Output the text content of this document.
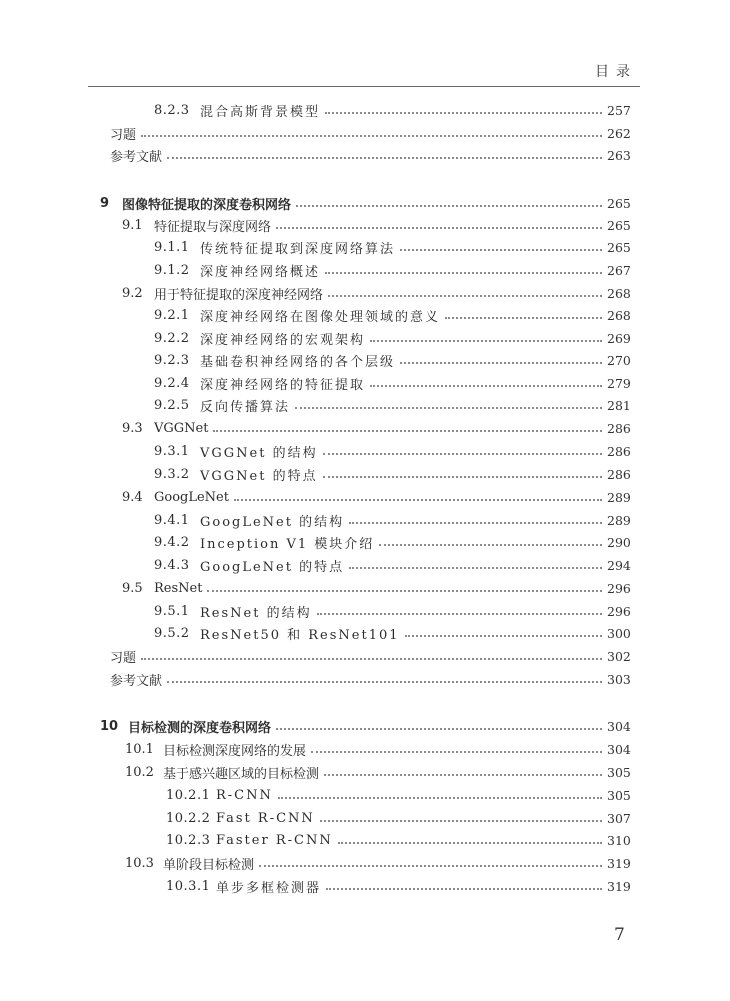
目录
8.2.3 混合高斯背景模型	257
习题	262
参考文献	263
9 图像特征提取的深度卷积网络	265
9.1 特征提取与深度网络	265
9.1.1 传统特征提取到深度网络算法	265
9.1.2 深度神经网络概述	267
9.2 用于特征提取的深度神经网络	268
9.2.1 深度神经网络在图像处理领域的意义	268
9.2.2 深度神经网络的宏观架构	269
9.2.3 基础卷积神经网络的各个层级	270
9.2.4 深度神经网络的特征提取	279
9.2.5 反向传播算法	281
9.3 VGGNet	286
9.3.1 VGGNet 的结构	286
9.3.2 VGGNet 的特点	286
9.4 GoogLeNet	289
9.4.1 GoogLeNet 的结构	289
9.4.2 Inception V1 模块介绍	290
9.4.3 GoogLeNet 的特点	294
9.5 ResNet	296
9.5.1 ResNet 的结构	296
9.5.2 ResNet50 和 ResNet101	300
习题	302
参考文献	303
10 目标检测的深度卷积网络	304
10.1 目标检测深度网络的发展	304
10.2 基于感兴趣区域的目标检测	305
10.2.1 R-CNN	305
10.2.2 Fast R-CNN	307
10.2.3 Faster R-CNN	310
10.3 单阶段目标检测	319
10.3.1 单步多框检测器	319
7
